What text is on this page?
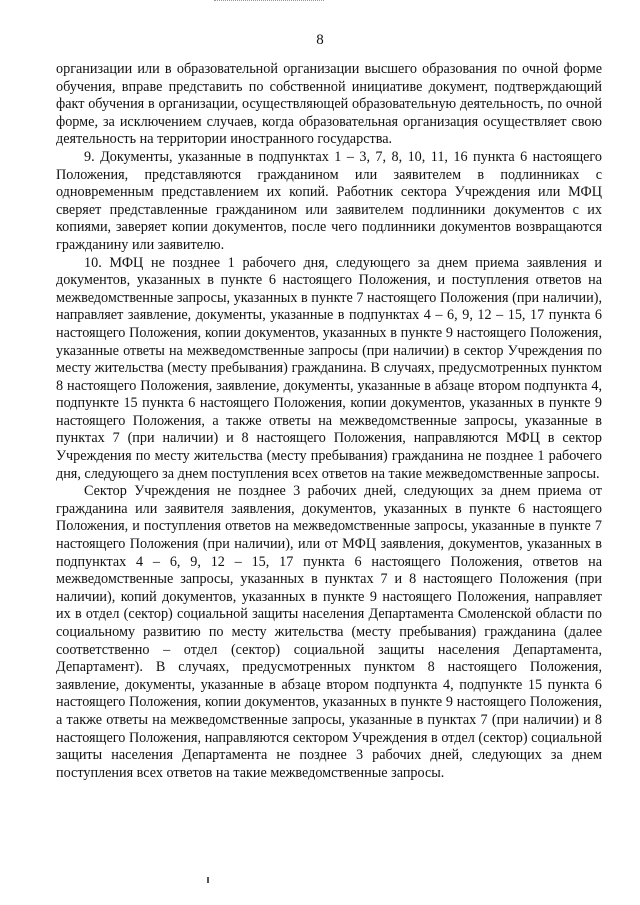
8

организации или в образовательной организации высшего образования по очной форме обучения, вправе представить по собственной инициативе документ, подтверждающий факт обучения в организации, осуществляющей образовательную деятельность, по очной форме, за исключением случаев, когда образовательная организация осуществляет свою деятельность на территории иностранного государства.

9. Документы, указанные в подпунктах 1 – 3, 7, 8, 10, 11, 16 пункта 6 настоящего Положения, представляются гражданином или заявителем в подлинниках с одновременным представлением их копий. Работник сектора Учреждения или МФЦ сверяет представленные гражданином или заявителем подлинники документов с их копиями, заверяет копии документов, после чего подлинники документов возвращаются гражданину или заявителю.

10. МФЦ не позднее 1 рабочего дня, следующего за днем приема заявления и документов, указанных в пункте 6 настоящего Положения, и поступления ответов на межведомственные запросы, указанных в пункте 7 настоящего Положения (при наличии), направляет заявление, документы, указанные в подпунктах 4 – 6, 9, 12 – 15, 17 пункта 6 настоящего Положения, копии документов, указанных в пункте 9 настоящего Положения, указанные ответы на межведомственные запросы (при наличии) в сектор Учреждения по месту жительства (месту пребывания) гражданина. В случаях, предусмотренных пунктом 8 настоящего Положения, заявление, документы, указанные в абзаце втором подпункта 4, подпункте 15 пункта 6 настоящего Положения, копии документов, указанных в пункте 9 настоящего Положения, а также ответы на межведомственные запросы, указанные в пунктах 7 (при наличии) и 8 настоящего Положения, направляются МФЦ в сектор Учреждения по месту жительства (месту пребывания) гражданина не позднее 1 рабочего дня, следующего за днем поступления всех ответов на такие межведомственные запросы.

Сектор Учреждения не позднее 3 рабочих дней, следующих за днем приема от гражданина или заявителя заявления, документов, указанных в пункте 6 настоящего Положения, и поступления ответов на межведомственные запросы, указанные в пункте 7 настоящего Положения (при наличии), или от МФЦ заявления, документов, указанных в подпунктах 4 – 6, 9, 12 – 15, 17 пункта 6 настоящего Положения, ответов на межведомственные запросы, указанных в пунктах 7 и 8 настоящего Положения (при наличии), копий документов, указанных в пункте 9 настоящего Положения, направляет их в отдел (сектор) социальной защиты населения Департамента Смоленской области по социальному развитию по месту жительства (месту пребывания) гражданина (далее соответственно – отдел (сектор) социальной защиты населения Департамента, Департамент). В случаях, предусмотренных пунктом 8 настоящего Положения, заявление, документы, указанные в абзаце втором подпункта 4, подпункте 15 пункта 6 настоящего Положения, копии документов, указанных в пункте 9 настоящего Положения, а также ответы на межведомственные запросы, указанные в пунктах 7 (при наличии) и 8 настоящего Положения, направляются сектором Учреждения в отдел (сектор) социальной защиты населения Департамента не позднее 3 рабочих дней, следующих за днем поступления всех ответов на такие межведомственные запросы.
